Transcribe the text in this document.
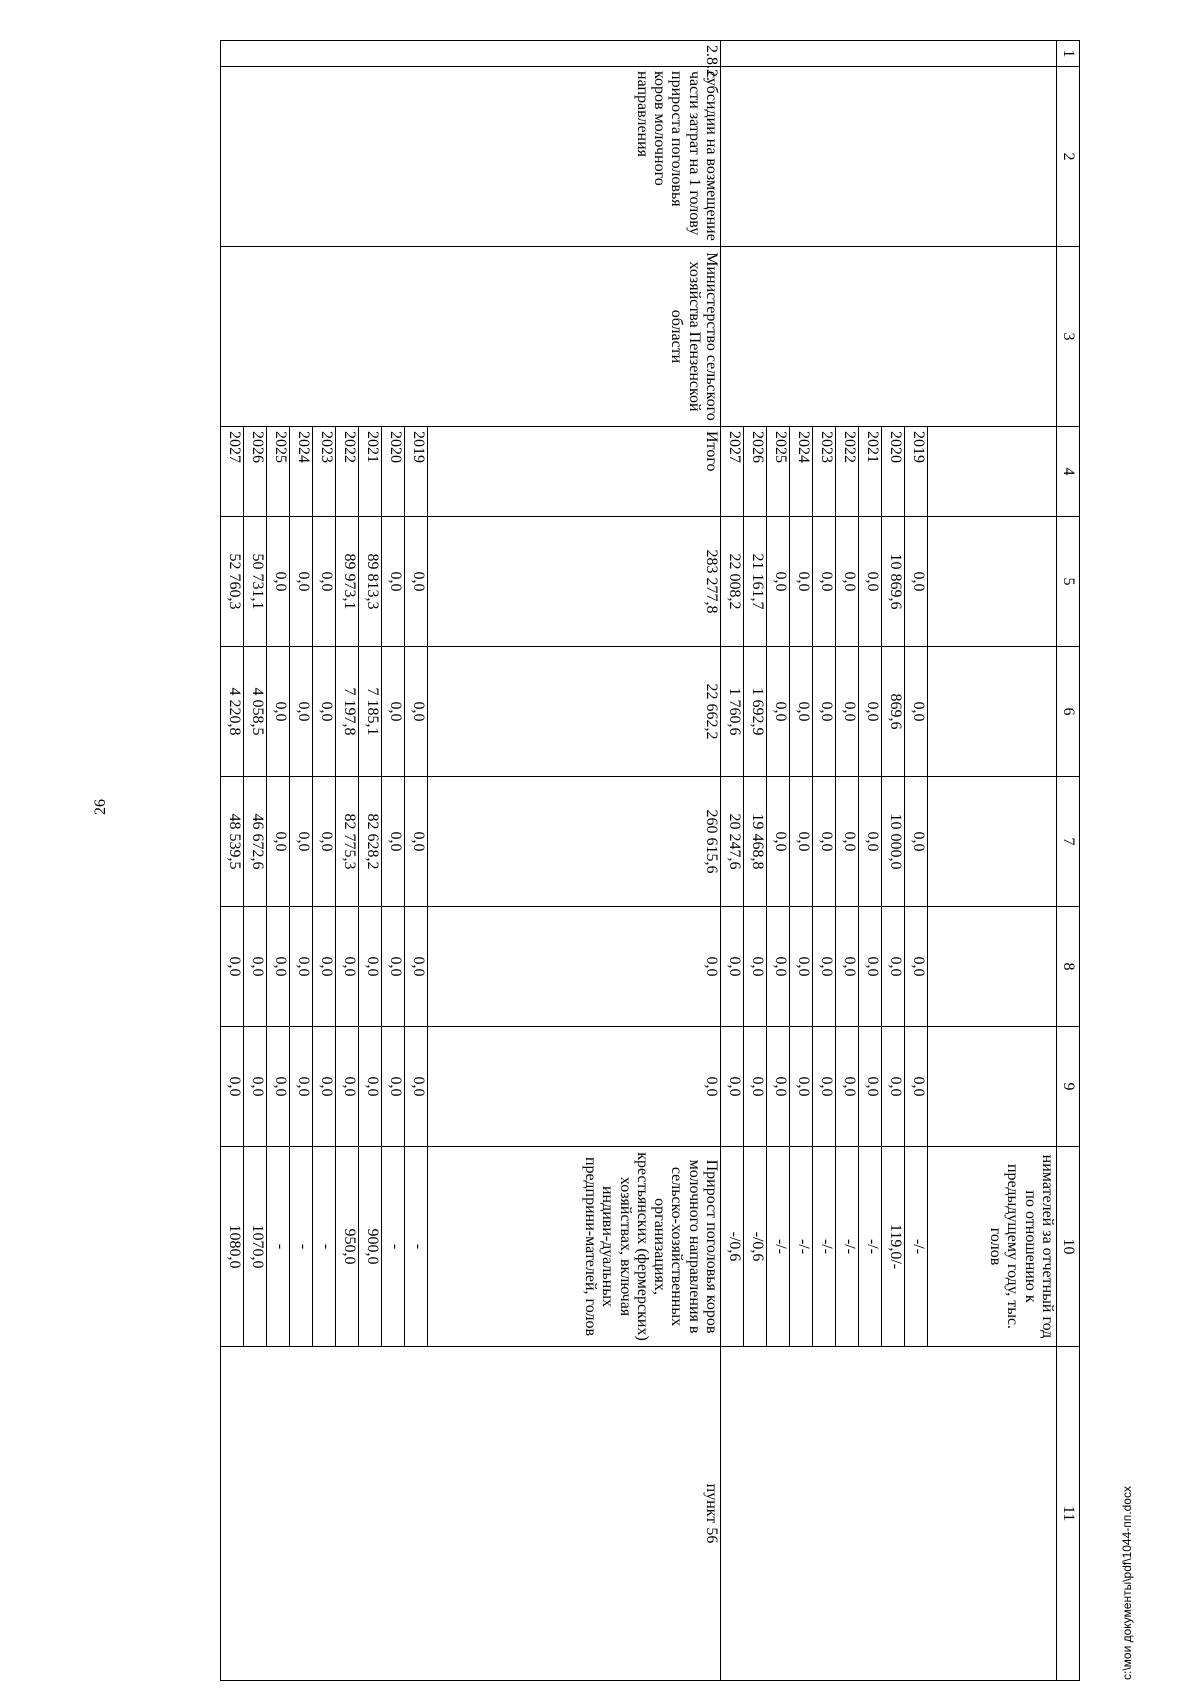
26
1	2	3	4	5	6	7	8	9	10	11
									нимателей за отчетный год по отношению к предыдущему году, тыс. голов	
			2019	0,0	0,0	0,0	0,0	0,0	-/-	
			2020	10 869,6	869,6	10 000,0	0,0	0,0	119,0/-	
			2021	0,0	0,0	0,0	0,0	0,0	-/-	
			2022	0,0	0,0	0,0	0,0	0,0	-/-	
			2023	0,0	0,0	0,0	0,0	0,0	-/-	
			2024	0,0	0,0	0,0	0,0	0,0	-/-	
			2025	0,0	0,0	0,0	0,0	0,0	-/-	
			2026	21 161,7	1 692,9	19 468,8	0,0	0,0	-/0,6	
			2027	22 008,2	1 760,6	20 247,6	0,0	0,0	-/0,6	
2.8.2.	субсидии на возмещение части затрат на 1 голову прироста поголовья коров молочного направления	Министерство сельского хозяйства Пензенской области	Итого	283 277,8	22 662,2	260 615,6	0,0	0,0	Прирост поголовья коров молочного направления в сельско-хозяйственных организациях, крестьянских (фермерских) хозяйствах, включая индиви-дуальных предприни-мателей, голов	пункт 56
			2019	0,0	0,0	0,0	0,0	0,0	-	
			2020	0,0	0,0	0,0	0,0	0,0	-	
			2021	89 813,3	7 185,1	82 628,2	0,0	0,0	900,0	
			2022	89 973,1	7 197,8	82 775,3	0,0	0,0	950,0	
			2023	0,0	0,0	0,0	0,0	0,0	-	
			2024	0,0	0,0	0,0	0,0	0,0	-	
			2025	0,0	0,0	0,0	0,0	0,0	-	
			2026	50 731,1	4 058,5	46 672,6	0,0	0,0	1070,0	
			2027	52 760,3	4 220,8	48 539,5	0,0	0,0	1080,0	
c:\мои документы\pdf\1044-пп.docx
